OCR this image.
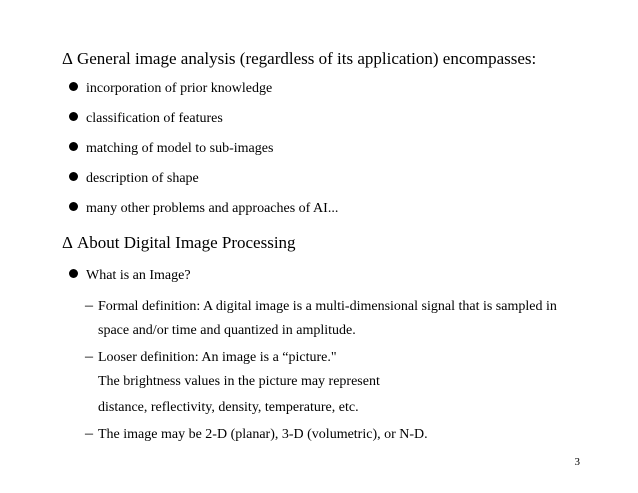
Δ General image analysis (regardless of its application) encompasses:
incorporation of prior knowledge
classification of features
matching of model to sub-images
description of shape
many other problems and approaches of AI...
Δ About Digital Image Processing
What is an Image?
– Formal definition: A digital image is a multi-dimensional signal that is sampled in
space and/or time and quantized in amplitude.
– Looser definition: An image is a “picture."
The brightness values in the picture may represent
distance, reflectivity, density, temperature, etc.
– The image may be 2-D (planar), 3-D (volumetric), or N-D.
3
